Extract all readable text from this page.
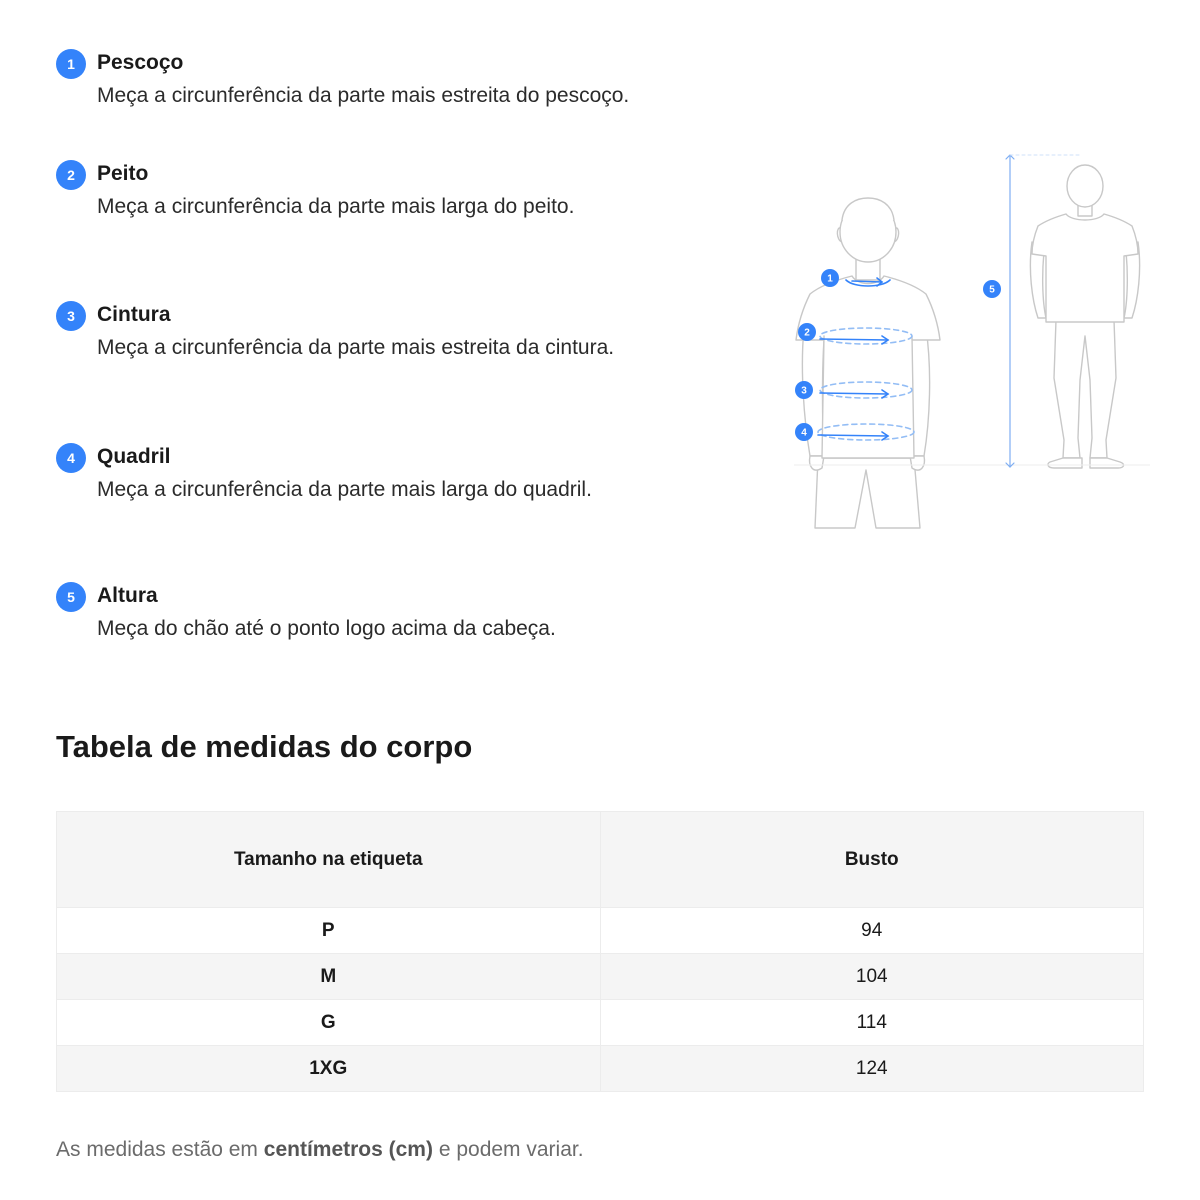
1	Pescoço
Meça a circunferência da parte mais estreita do pescoço.
2	Peito
Meça a circunferência da parte mais larga do peito.
3	Cintura
Meça a circunferência da parte mais estreita da cintura.
4	Quadril
Meça a circunferência da parte mais larga do quadril.
5	Altura
Meça do chão até o ponto logo acima da cabeça.
1
2
3
4
5
Tabela de medidas do corpo
Tamanho na etiqueta	Busto
P	94
M	104
G	114
1XG	124
As medidas estão em centímetros (cm) e podem variar.
